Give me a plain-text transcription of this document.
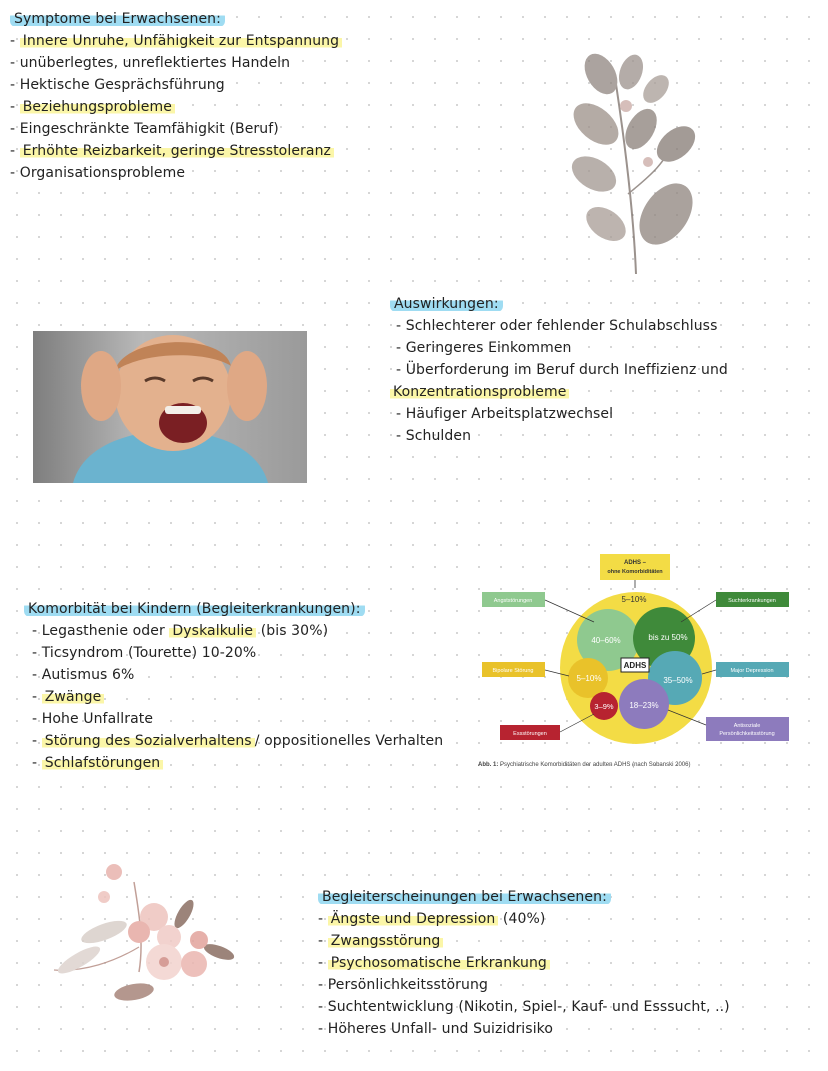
Symptome bei Erwachsenen:
- Innere Unruhe, Unfähigkeit zur Entspannung
- unüberlegtes, unreflektiertes Handeln
- Hektische Gesprächsführung
- Beziehungsprobleme
- Eingeschränkte Teamfähigkit (Beruf)
- Erhöhte Reizbarkeit, geringe Stresstoleranz
- Organisationsprobleme
Auswirkungen:
- Schlechterer oder fehlender Schulabschluss
- Geringeres Einkommen
- Überforderung im Beruf durch Ineffizienz und
Konzentrationsprobleme
- Häufiger Arbeitsplatzwechsel
- Schulden
Komorbität bei Kindern (Begleiterkrankungen):
- Legasthenie oder Dyskalkulie (bis 30%)
- Ticsyndrom (Tourette) 10-20%
- Autismus 6%
- Zwänge
- Hohe Unfallrate
- Störung des Sozialverhaltens / oppositionelles Verhalten
- Schlafstörungen
ADHS –
ohne Komorbiditäten
5–10%
40–60%	bis zu 50%
5–10%	35–50%
18–23%
3–9%
ADHS
Angststörungen	Suchterkrankungen
Bipolare Störung	Major Depression
Essstörungen
Antisoziale
Persönlichkeitsstörung
Abb. 1: Psychiatrische Komorbiditäten der adulten ADHS (nach Sobanski 2006)
Begleiterscheinungen bei Erwachsenen:
- Ängste und Depression (40%)
- Zwangsstörung
- Psychosomatische Erkrankung
- Persönlichkeitsstörung
- Suchtentwicklung (Nikotin, Spiel-, Kauf- und Esssucht, ..)
- Höheres Unfall- und Suizidrisiko
